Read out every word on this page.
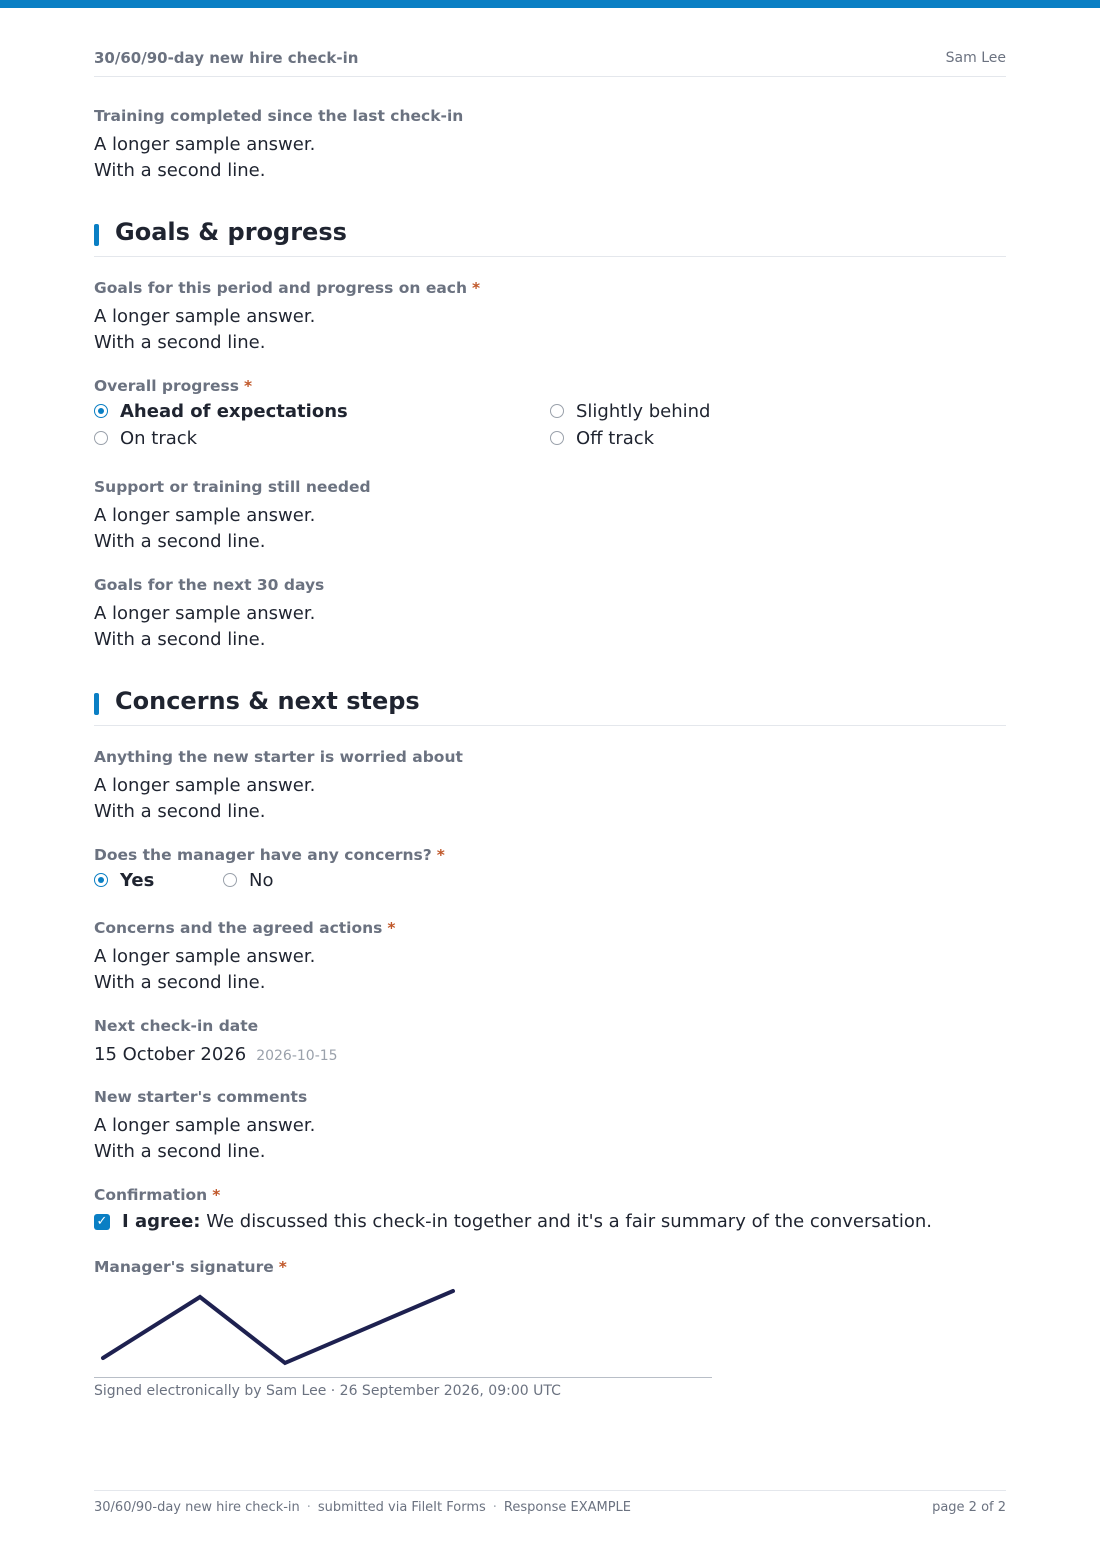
30/60/90-day new hire check-in	Sam Lee
Training completed since the last check-in
A longer sample answer.
With a second line.
Goals & progress
Goals for this period and progress on each *
A longer sample answer.
With a second line.
Overall progress *
Ahead of expectations	Slightly behind
On track	Off track
Support or training still needed
A longer sample answer.
With a second line.
Goals for the next 30 days
A longer sample answer.
With a second line.
Concerns & next steps
Anything the new starter is worried about
A longer sample answer.
With a second line.
Does the manager have any concerns? *
Yes	No
Concerns and the agreed actions *
A longer sample answer.
With a second line.
Next check-in date
15 October 2026 2026-10-15
New starter's comments
A longer sample answer.
With a second line.
Confirmation *
✓ I agree: We discussed this check-in together and it's a fair summary of the conversation.
Manager's signature *
Signed electronically by Sam Lee · 26 September 2026, 09:00 UTC
30/60/90-day new hire check-in · submitted via FileIt Forms · Response EXAMPLE	page 2 of 2
